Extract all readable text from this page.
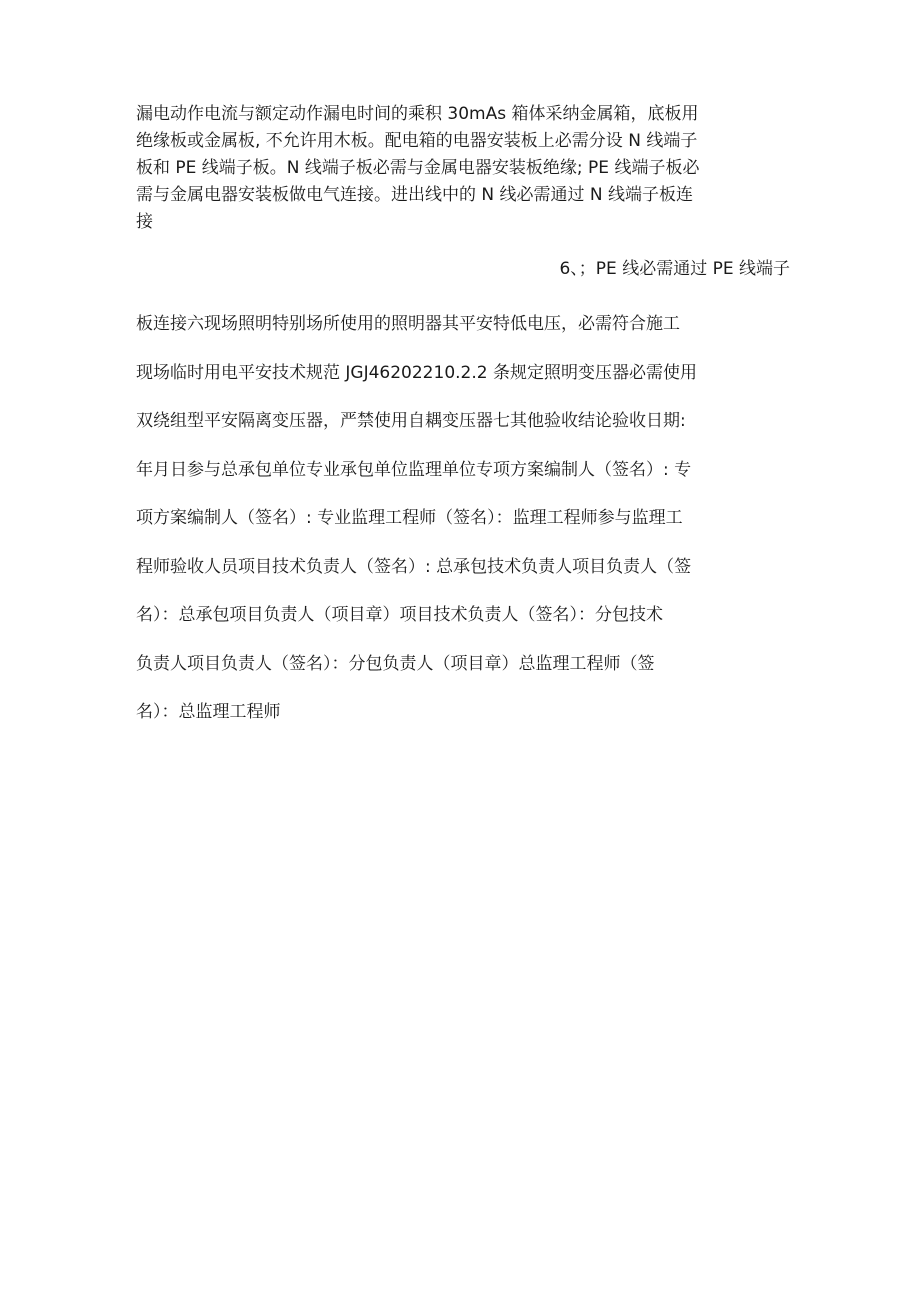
漏电动作电流与额定动作漏电时间的乘积 30mAs 箱体采纳金属箱，底板用
绝缘板或金属板, 不允许用木板。配电箱的电器安装板上必需分设 N 线端子
板和 PE 线端子板。N 线端子板必需与金属电器安装板绝缘; PE 线端子板必
需与金属电器安装板做电气连接。进出线中的 N 线必需通过 N 线端子板连
接
6、；PE 线必需通过 PE 线端子
板连接六现场照明特别场所使用的照明器其平安特低电压，必需符合施工
现场临时用电平安技术规范 JGJ46202210.2.2 条规定照明变压器必需使用
双绕组型平安隔离变压器，严禁使用自耦变压器七其他验收结论验收日期:
年月日参与总承包单位专业承包单位监理单位专项方案编制人（签名）: 专
项方案编制人（签名）: 专业监理工程师（签名）：监理工程师参与监理工
程师验收人员项目技术负责人（签名）: 总承包技术负责人项目负责人（签
名）：总承包项目负责人（项目章）项目技术负责人（签名）：分包技术
负责人项目负责人（签名）：分包负责人（项目章）总监理工程师（签
名）：总监理工程师
